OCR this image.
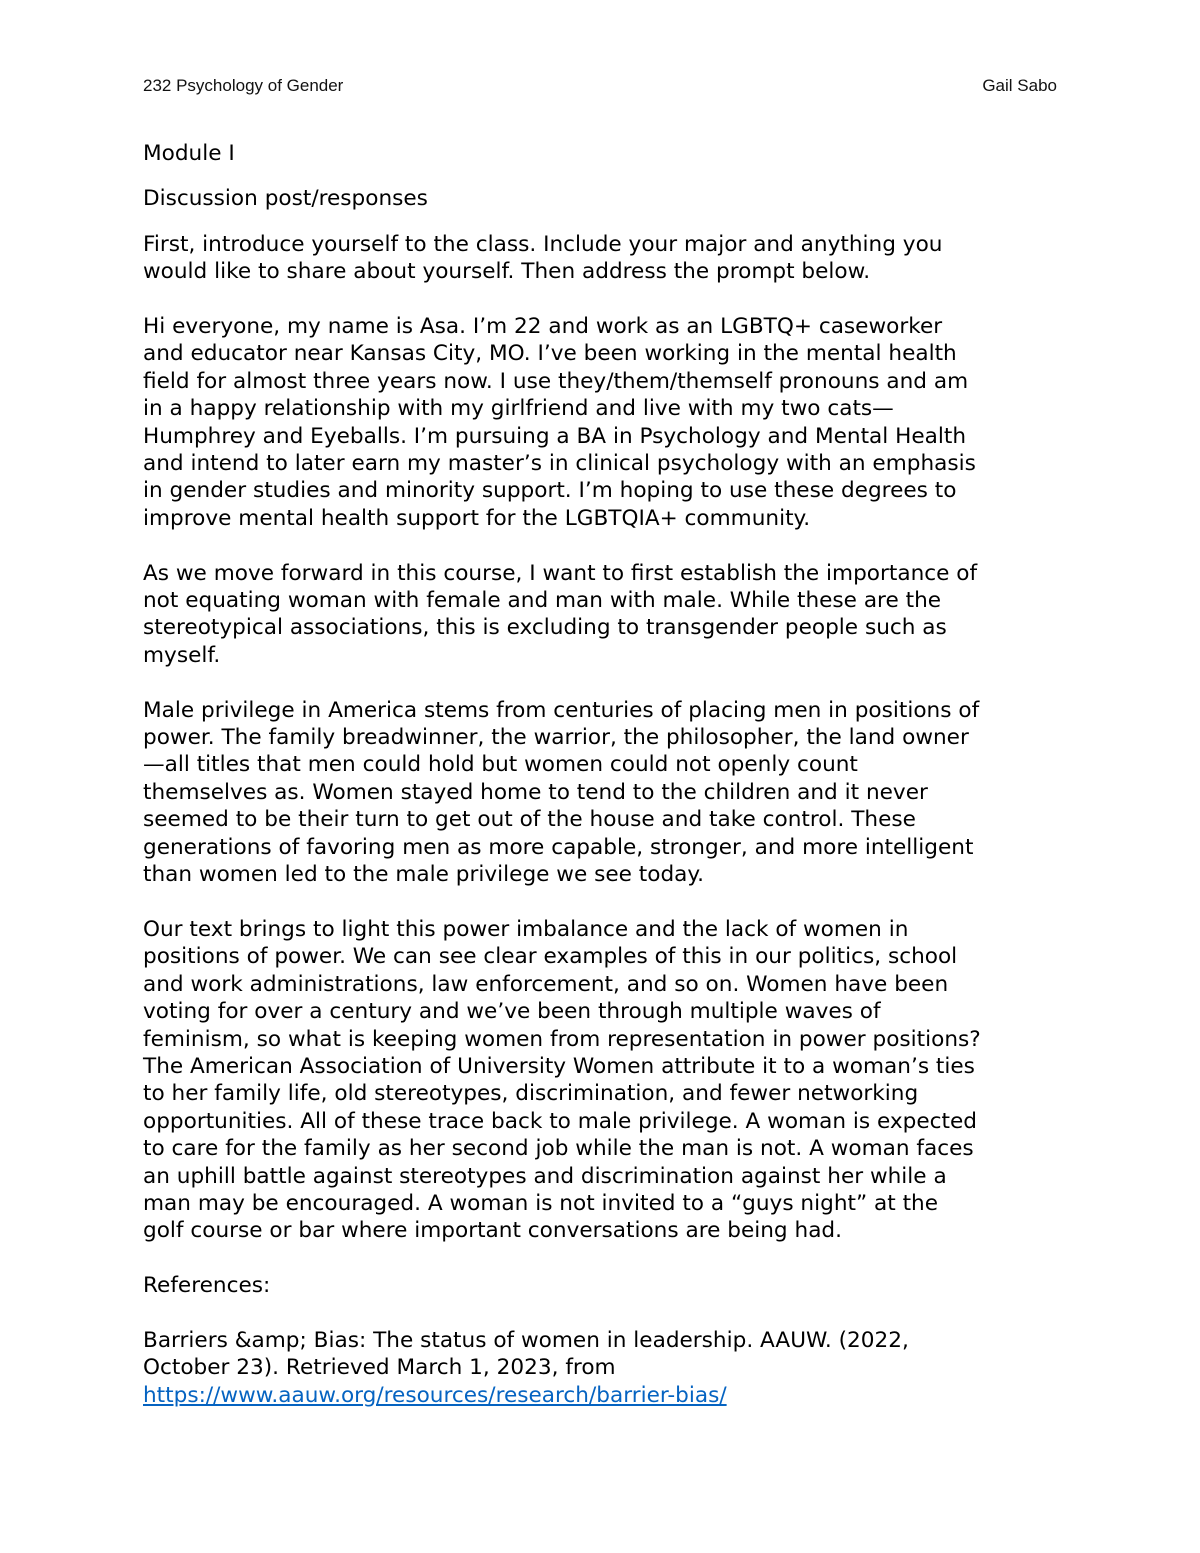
232 Psychology of Gender	Gail Sabo

Module I

Discussion post/responses

First, introduce yourself to the class. Include your major and anything you

would like to share about yourself. Then address the prompt below.

Hi everyone, my name is Asa. I’m 22 and work as an LGBTQ+ caseworker

and educator near Kansas City, MO. I’ve been working in the mental health

field for almost three years now. I use they/them/themself pronouns and am

in a happy relationship with my girlfriend and live with my two cats—

Humphrey and Eyeballs. I’m pursuing a BA in Psychology and Mental Health

and intend to later earn my master’s in clinical psychology with an emphasis

in gender studies and minority support. I’m hoping to use these degrees to

improve mental health support for the LGBTQIA+ community.

As we move forward in this course, I want to first establish the importance of

not equating woman with female and man with male. While these are the

stereotypical associations, this is excluding to transgender people such as

myself.

Male privilege in America stems from centuries of placing men in positions of

power. The family breadwinner, the warrior, the philosopher, the land owner

—all titles that men could hold but women could not openly count

themselves as. Women stayed home to tend to the children and it never

seemed to be their turn to get out of the house and take control. These

generations of favoring men as more capable, stronger, and more intelligent

than women led to the male privilege we see today.

Our text brings to light this power imbalance and the lack of women in

positions of power. We can see clear examples of this in our politics, school

and work administrations, law enforcement, and so on. Women have been

voting for over a century and we’ve been through multiple waves of

feminism, so what is keeping women from representation in power positions?

The American Association of University Women attribute it to a woman’s ties

to her family life, old stereotypes, discrimination, and fewer networking

opportunities. All of these trace back to male privilege. A woman is expected

to care for the family as her second job while the man is not. A woman faces

an uphill battle against stereotypes and discrimination against her while a

man may be encouraged. A woman is not invited to a “guys night” at the

golf course or bar where important conversations are being had.

References:

Barriers &amp; Bias: The status of women in leadership. AAUW. (2022,

October 23). Retrieved March 1, 2023, from

https://www.aauw.org/resources/research/barrier-bias/
